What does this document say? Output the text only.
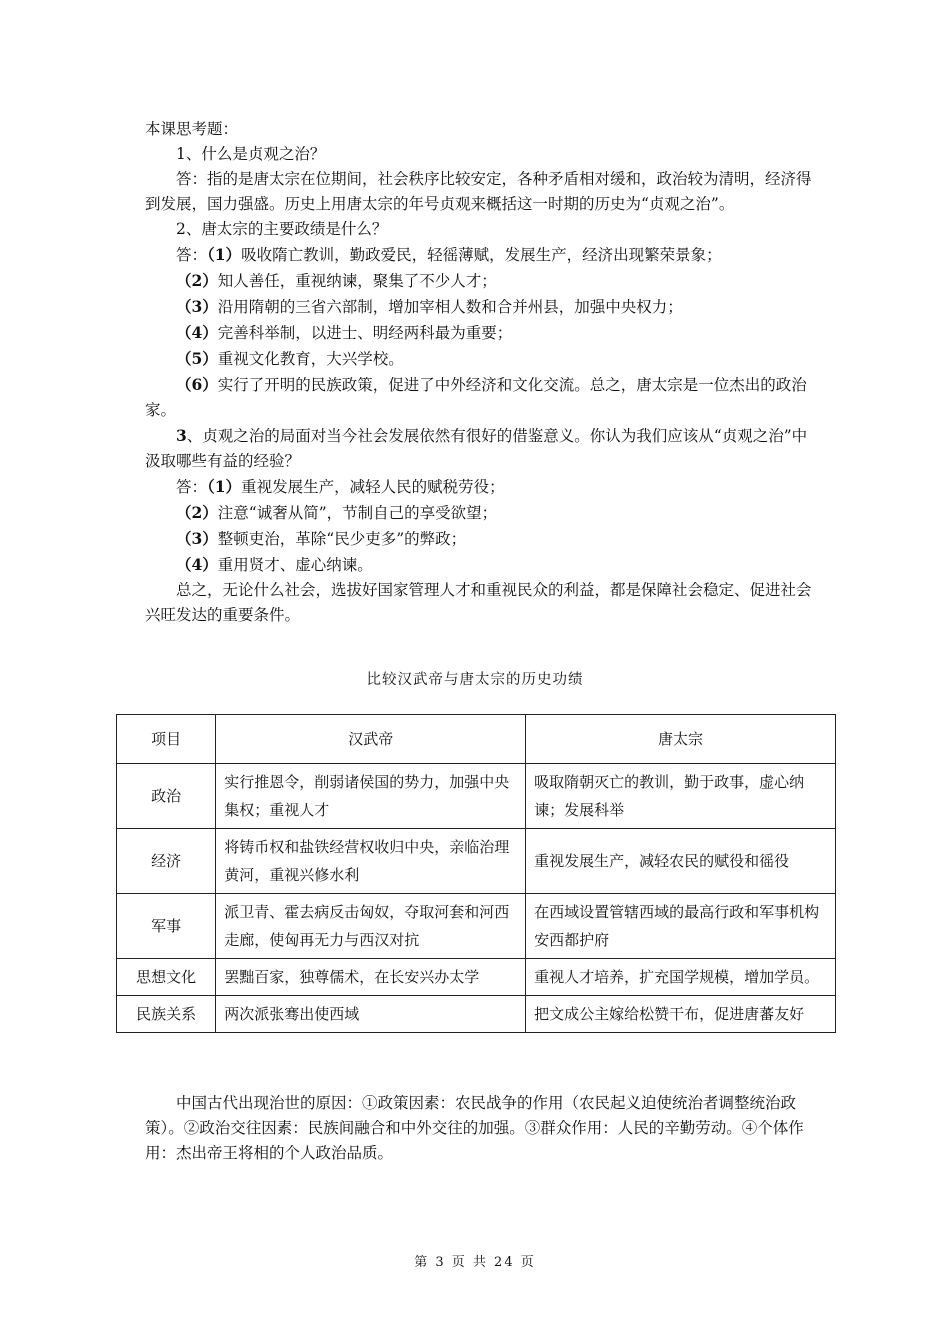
本课思考题：

1、什么是贞观之治？

答：指的是唐太宗在位期间，社会秩序比较安定，各种矛盾相对缓和，政治较为清明，经济得到发展，国力强盛。历史上用唐太宗的年号贞观来概括这一时期的历史为“贞观之治”。

2、唐太宗的主要政绩是什么？

答：（1）吸收隋亡教训，勤政爱民，轻徭薄赋，发展生产，经济出现繁荣景象；

（2）知人善任，重视纳谏，聚集了不少人才；

（3）沿用隋朝的三省六部制，增加宰相人数和合并州县，加强中央权力；

（4）完善科举制，以进士、明经两科最为重要；

（5）重视文化教育，大兴学校。

（6）实行了开明的民族政策，促进了中外经济和文化交流。总之，唐太宗是一位杰出的政治家。

3、贞观之治的局面对当今社会发展依然有很好的借鉴意义。你认为我们应该从“贞观之治”中汲取哪些有益的经验？

答：（1）重视发展生产，减轻人民的赋税劳役；

（2）注意“诚奢从简”，节制自己的享受欲望；

（3）整顿吏治，革除“民少吏多”的弊政；

（4）重用贤才、虚心纳谏。

总之，无论什么社会，选拔好国家管理人才和重视民众的利益，都是保障社会稳定、促进社会兴旺发达的重要条件。

比较汉武帝与唐太宗的历史功绩
项目	汉武帝	唐太宗
政治	实行推恩令，削弱诸侯国的势力，加强中央集权；重视人才	吸取隋朝灭亡的教训，勤于政事，虚心纳谏；发展科举
经济	将铸币权和盐铁经营权收归中央，亲临治理黄河，重视兴修水利	重视发展生产，减轻农民的赋役和徭役
军事	派卫青、霍去病反击匈奴，夺取河套和河西走廊，使匈再无力与西汉对抗	在西域设置管辖西域的最高行政和军事机构 安西都护府
思想文化	罢黜百家，独尊儒术，在长安兴办太学	重视人才培养，扩充国学规模，增加学员。
民族关系	两次派张骞出使西域	把文成公主嫁给松赞干布，促进唐蕃友好

中国古代出现治世的原因：①政策因素：农民战争的作用（农民起义迫使统治者调整统治政策）。②政治交往因素：民族间融合和中外交往的加强。③群众作用：人民的辛勤劳动。④个体作用：杰出帝王将相的个人政治品质。

第 3 页 共 24 页
